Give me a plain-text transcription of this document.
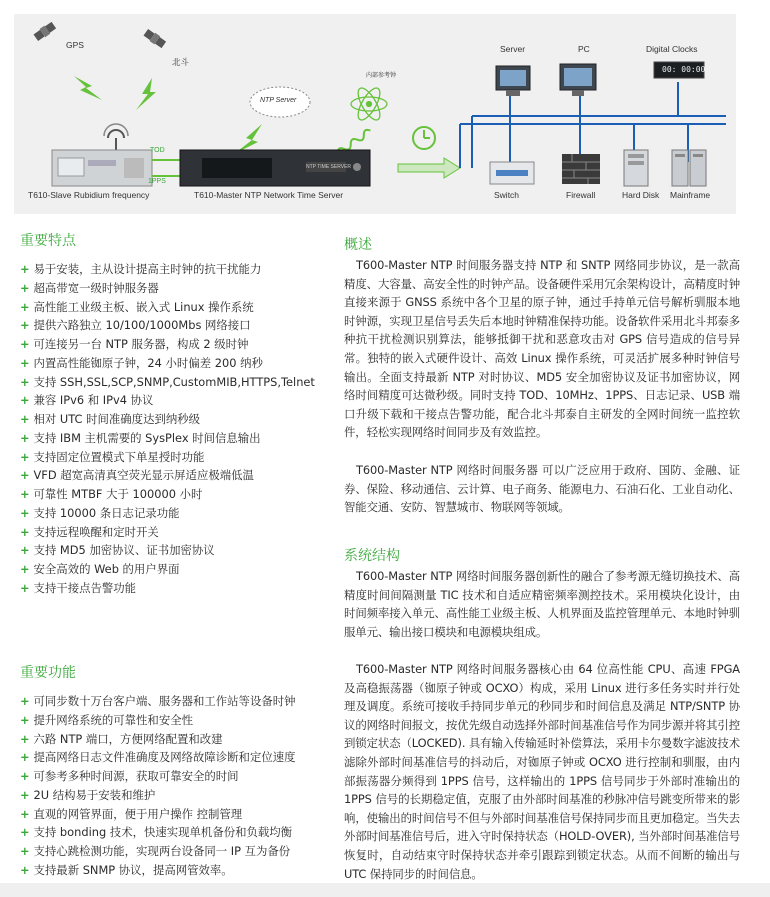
GPS
北斗
NTP Server
内部参考钟
TOD
1PPS
NTP TIME SERVER
T610-Slave Rubidium frequency	T610-Master NTP Network Time Server
Server	PC	Digital Clocks
00: 00:00
Switch	Firewall	Hard Disk Mainframe
重要特点
+ 易于安装，主从设计提高主时钟的抗干扰能力
+ 超高带宽一级时钟服务器
+ 高性能工业级主板、嵌入式 Linux 操作系统
+ 提供六路独立 10/100/1000Mbs 网络接口
+ 可连接另一台 NTP 服务器，构成 2 级时钟
+ 内置高性能铷原子钟，24 小时偏差 200 纳秒
+ 支持 SSH,SSL,SCP,SNMP,CustomMIB,HTTPS,Telnet
+ 兼容 IPv6 和 IPv4 协议
+ 相对 UTC 时间准确度达到纳秒级
+ 支持 IBM 主机需要的 SysPlex 时间信息输出
+ 支持固定位置模式下单星授时功能
+ VFD 超宽高清真空荧光显示屏适应极端低温
+ 可靠性 MTBF 大于 100000 小时
+ 支持 10000 条日志记录功能
+ 支持远程唤醒和定时开关
+ 支持 MD5 加密协议、证书加密协议
+ 安全高效的 Web 的用户界面
+ 支持干接点告警功能
重要功能
+ 可同步数十万台客户端、服务器和工作站等设备时钟
+ 提升网络系统的可靠性和安全性
+ 六路 NTP 端口，方便网络配置和改建
+ 提高网络日志文件准确度及网络故障诊断和定位速度
+ 可参考多种时间源，获取可靠安全的时间
+ 2U 结构易于安装和维护
+ 直观的网管界面，便于用户操作 控制管理
+ 支持 bonding 技术，快速实现单机备份和负载均衡
+ 支持心跳检测功能，实现两台设备同一 IP 互为备份
+ 支持最新 SNMP 协议，提高网管效率。
概述

T600-Master NTP 时间服务器支持 NTP 和 SNTP 网络同步协议，是一款高精度、大容量、高安全性的时钟产品。设备硬件采用冗余架构设计，高精度时钟直接来源于 GNSS 系统中各个卫星的原子钟，通过手持单元信号解析驯服本地时钟源，实现卫星信号丢失后本地时钟精准保持功能。设备软件采用北斗邦泰多种抗干扰检测识别算法，能够抵御干扰和恶意攻击对 GPS 信号造成的信号异常。独特的嵌入式硬件设计、高效 Linux 操作系统，可灵活扩展多种时钟信号输出。全面支持最新 NTP 对时协议、MD5 安全加密协议及证书加密协议，网络时间精度可达微秒级。同时支持 TOD、10MHz、1PPS、日志记录、USB 端口升级下载和干接点告警功能，配合北斗邦泰自主研发的全网时间统一监控软件，轻松实现网络时间同步及有效监控。

T600-Master NTP 网络时间服务器 可以广泛应用于政府、国防、金融、证券、保险、移动通信、云计算、电子商务、能源电力、石油石化、工业自动化、智能交通、安防、智慧城市、物联网等领域。

系统结构

T600-Master NTP 网络时间服务器创新性的融合了参考源无缝切换技术、高精度时间间隔测量 TIC 技术和自适应精密频率测控技术。采用模块化设计，由时间频率接入单元、高性能工业级主板、人机界面及监控管理单元、本地时钟驯服单元、输出接口模块和电源模块组成。

T600-Master NTP 网络时间服务器核心由 64 位高性能 CPU、高速 FPGA 及高稳振荡器（铷原子钟或 OCXO）构成，采用 Linux 进行多任务实时并行处理及调度。系统可接收手持同步单元的秒同步和时间信息及满足 NTP/SNTP 协议的网络时间报文，按优先级自动选择外部时间基准信号作为同步源并将其引控到锁定状态（LOCKED). 具有输入传输延时补偿算法，采用卡尔曼数字滤波技术滤除外部时间基准信号的抖动后，对铷原子钟或 OCXO 进行控制和驯服，由内部振荡器分频得到 1PPS 信号，这样输出的 1PPS 信号同步于外部时准输出的 1PPS 信号的长期稳定值，克服了由外部时间基准的秒脉冲信号跳变所带来的影响，使输出的时间信号不但与外部时间基准信号保持同步而且更加稳定。当失去外部时间基准信号后，进入守时保持状态（HOLD-OVER), 当外部时间基准信号恢复时，自动结束守时保持状态并牵引跟踪到锁定状态。从而不间断的输出与 UTC 保持同步的时间信息。
